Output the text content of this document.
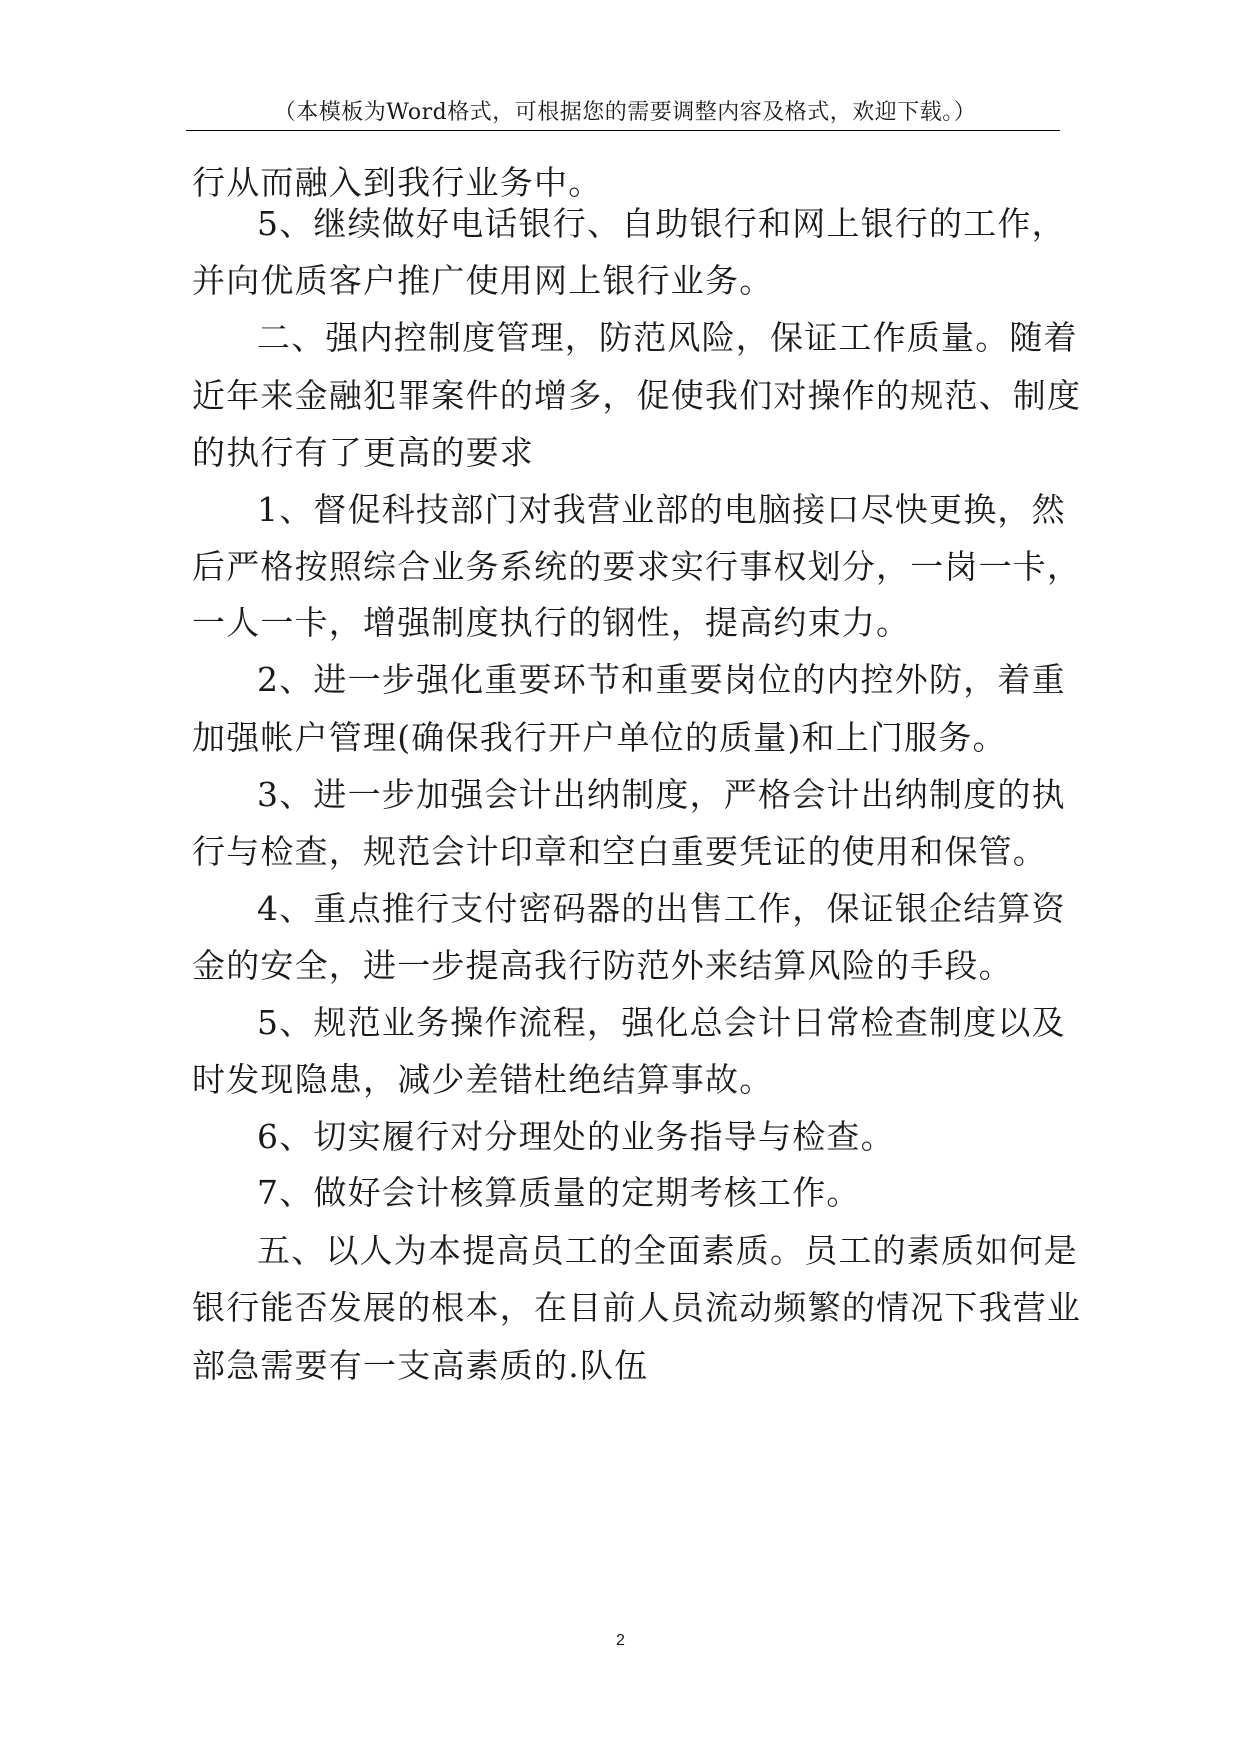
（本模板为Word格式，可根据您的需要调整内容及格式，欢迎下载。）
行从而融入到我行业务中。
5、继续做好电话银行、自助银行和网上银行的工作，
并向优质客户推广使用网上银行业务。
二、强内控制度管理，防范风险，保证工作质量。随着
近年来金融犯罪案件的增多，促使我们对操作的规范、制度
的执行有了更高的要求
1、督促科技部门对我营业部的电脑接口尽快更换，然
后严格按照综合业务系统的要求实行事权划分，一岗一卡，
一人一卡，增强制度执行的钢性，提高约束力。
2、进一步强化重要环节和重要岗位的内控外防，着重
加强帐户管理(确保我行开户单位的质量)和上门服务。
3、进一步加强会计出纳制度，严格会计出纳制度的执
行与检查，规范会计印章和空白重要凭证的使用和保管。
4、重点推行支付密码器的出售工作，保证银企结算资
金的安全，进一步提高我行防范外来结算风险的手段。
5、规范业务操作流程，强化总会计日常检查制度以及
时发现隐患，减少差错杜绝结算事故。
6、切实履行对分理处的业务指导与检查。
7、做好会计核算质量的定期考核工作。
五、以人为本提高员工的全面素质。员工的素质如何是
银行能否发展的根本，在目前人员流动频繁的情况下我营业
部急需要有一支高素质的.队伍
2
